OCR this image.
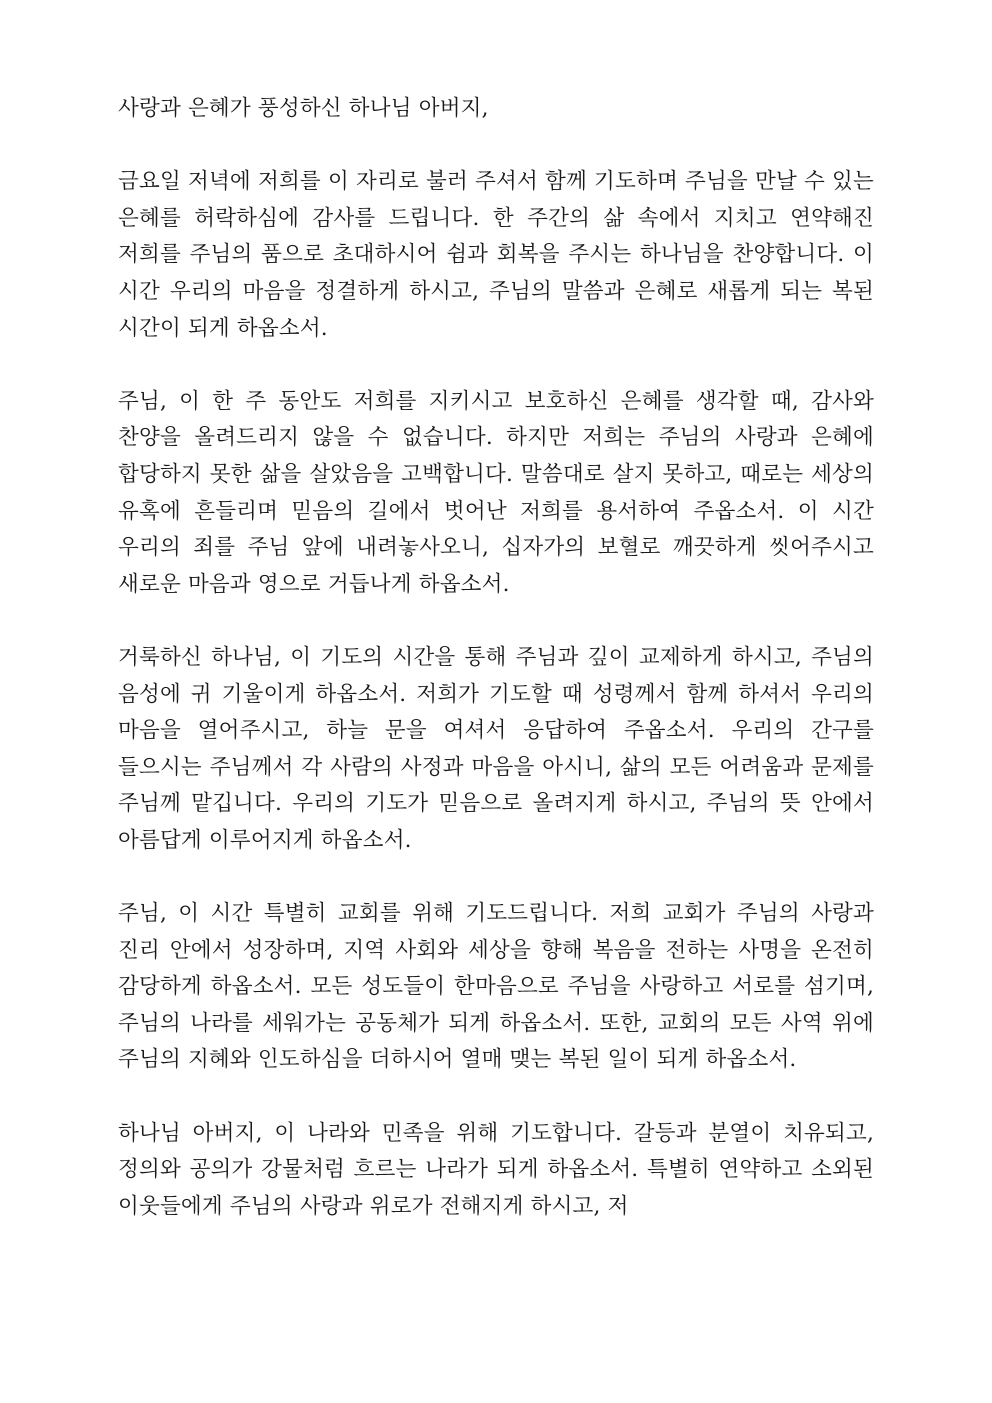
사랑과 은혜가 풍성하신 하나님 아버지,

금요일 저녁에 저희를 이 자리로 불러 주셔서 함께 기도하며 주님을 만날 수 있는 은혜를 허락하심에 감사를 드립니다. 한 주간의 삶 속에서 지치고 연약해진 저희를 주님의 품으로 초대하시어 쉼과 회복을 주시는 하나님을 찬양합니다. 이 시간 우리의 마음을 정결하게 하시고, 주님의 말씀과 은혜로 새롭게 되는 복된 시간이 되게 하옵소서.

주님, 이 한 주 동안도 저희를 지키시고 보호하신 은혜를 생각할 때, 감사와 찬양을 올려드리지 않을 수 없습니다. 하지만 저희는 주님의 사랑과 은혜에 합당하지 못한 삶을 살았음을 고백합니다. 말씀대로 살지 못하고, 때로는 세상의 유혹에 흔들리며 믿음의 길에서 벗어난 저희를 용서하여 주옵소서. 이 시간 우리의 죄를 주님 앞에 내려놓사오니, 십자가의 보혈로 깨끗하게 씻어주시고 새로운 마음과 영으로 거듭나게 하옵소서.

거룩하신 하나님, 이 기도의 시간을 통해 주님과 깊이 교제하게 하시고, 주님의 음성에 귀 기울이게 하옵소서. 저희가 기도할 때 성령께서 함께 하셔서 우리의 마음을 열어주시고, 하늘 문을 여셔서 응답하여 주옵소서. 우리의 간구를 들으시는 주님께서 각 사람의 사정과 마음을 아시니, 삶의 모든 어려움과 문제를 주님께 맡깁니다. 우리의 기도가 믿음으로 올려지게 하시고, 주님의 뜻 안에서 아름답게 이루어지게 하옵소서.

주님, 이 시간 특별히 교회를 위해 기도드립니다. 저희 교회가 주님의 사랑과 진리 안에서 성장하며, 지역 사회와 세상을 향해 복음을 전하는 사명을 온전히 감당하게 하옵소서. 모든 성도들이 한마음으로 주님을 사랑하고 서로를 섬기며, 주님의 나라를 세워가는 공동체가 되게 하옵소서. 또한, 교회의 모든 사역 위에 주님의 지혜와 인도하심을 더하시어 열매 맺는 복된 일이 되게 하옵소서.

하나님 아버지, 이 나라와 민족을 위해 기도합니다. 갈등과 분열이 치유되고, 정의와 공의가 강물처럼 흐르는 나라가 되게 하옵소서. 특별히 연약하고 소외된 이웃들에게 주님의 사랑과 위로가 전해지게 하시고, 저
